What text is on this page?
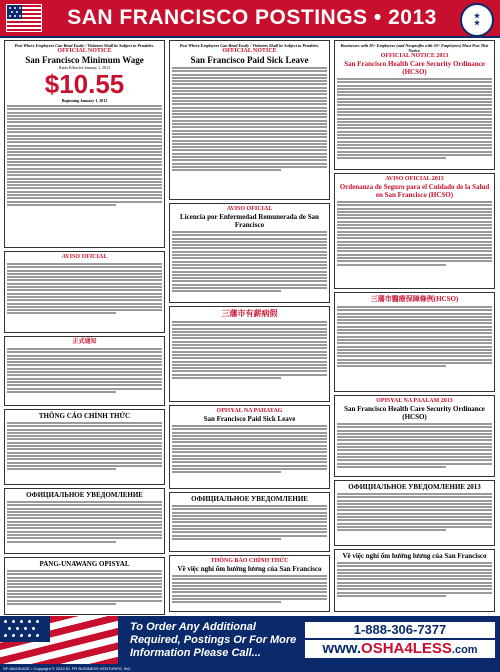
SAN FRANCISCO POSTINGS • 2013	★
★
Post Where Employees Can Read Easily / Violators Shall be Subject to Penalties.
OFFICIAL NOTICE
San Francisco Minimum Wage
Rates Effective January 1, 2013
$10.55
Beginning January 1, 2013
AVISO OFICIAL
正式通知
THÔNG CÁO CHÍNH THỨC
ОФИЦИАЛЬНОЕ УВЕДОМЛЕНИЕ
PANG-UNAWANG OPISYAL
Post Where Employees Can Read Easily / Violators Shall be Subject to Penalties.
OFFICIAL NOTICE
San Francisco Paid Sick Leave
AVISO OFICIAL
Licencia por Enfermedad Remunerada de San Francisco
三藩市有薪病假
OPISYAL NA PAHAYAG
San Francisco Paid Sick Leave
ОФИЦИАЛЬНОЕ УВЕДОМЛЕНИЕ
THÔNG BÁO CHÍNH THỨC
Về việc nghỉ ốm hưởng lương của San Francisco
Businesses with 20+ Employees (and Nonprofits with 50+ Employees) Must Post This Notice.
OFFICIAL NOTICE 2013
San Francisco Health Care Security Ordinance (HCSO)
AVISO OFICIAL 2013
Ordenanza de Seguro para el Cuidado de la Salud en San Francisco (HCSO)
三藩市醫療保障條例(HCSO)
OPISYAL NA PAALAM 2013
San Francisco Health Care Security Ordinance (HCSO)
ОФИЦИАЛЬНОЕ УВЕДОМЛЕНИЕ 2013
Về việc nghỉ ốm hưởng lương của San Francisco
To Order Any Additional Required, Postings Or For More Information Please Call...
1-888-306-7377
www.OSHA4LESS.com
SF-WAGEAGE • Copyright © 2013 EL PR BUSINESS VENTURES, INC.
